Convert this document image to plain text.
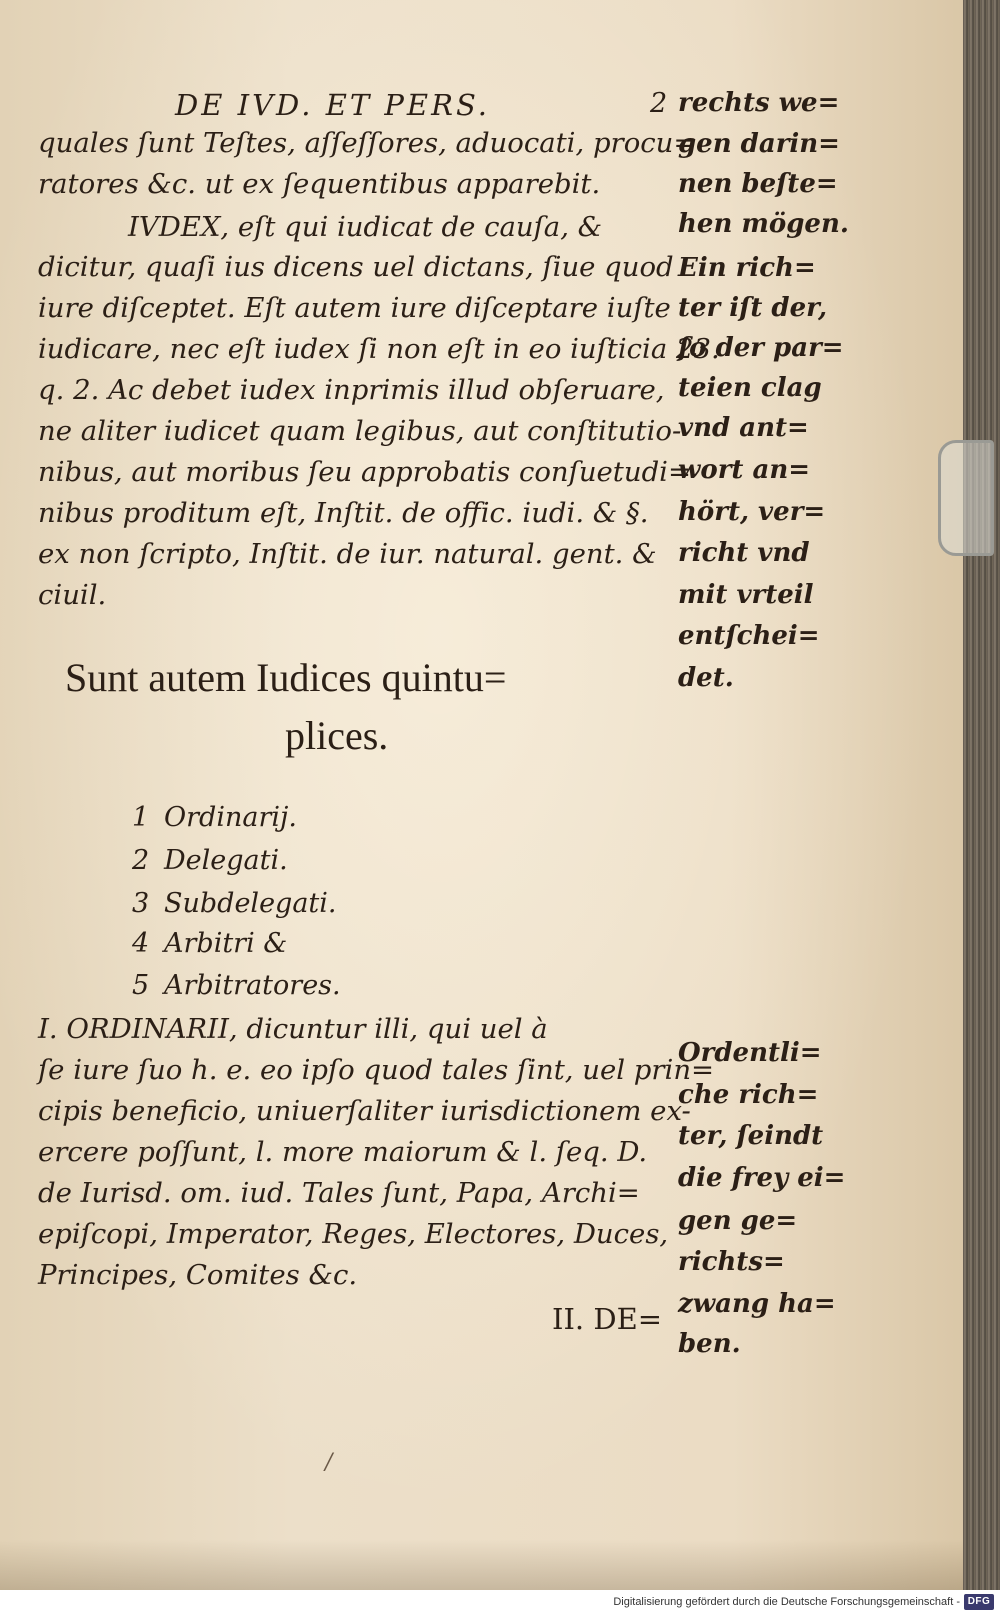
DE IVD. ET PERS.	2
quales ſunt Teſtes, aſſeſſores, aduocati, procu=
ratores &c. ut ex ſequentibus apparebit.
IVDEX, eſt qui iudicat de cauſa, &
dicitur, quaſi ius dicens uel dictans, ſiue quod
iure diſceptet. Eſt autem iure diſceptare iuſte
iudicare, nec eſt iudex ſi non eſt in eo iuſticia 23.
q. 2. Ac debet iudex inprimis illud obſeruare,
ne aliter iudicet quam legibus, aut conſtitutio-
nibus, aut moribus ſeu approbatis conſuetudi=
nibus proditum eſt, Inſtit. de offic. iudi. & §.
ex non ſcripto, Inſtit. de iur. natural. gent. &
ciuil.
rechts we=
gen darin=
nen beſte=
hen mögen.
Ein rich=
ter iſt der,
ſo der par=
teien clag
vnd ant=
wort an=
hört, ver=
richt vnd
mit vrteil
entſchei=
det.
Sunt autem Iudices quintu=
plices.
1 Ordinarij.
2 Delegati.
3 Subdelegati.
4 Arbitri &
5 Arbitratores.
I. ORDINARII, dicuntur illi, qui uel à
ſe iure ſuo h. e. eo ipſo quod tales ſint, uel prin=
cipis beneficio, uniuerſaliter iurisdictionem ex-
ercere poſſunt, l. more maiorum & l. ſeq. D.
de Iurisd. om. iud. Tales ſunt, Papa, Archi=
epiſcopi, Imperator, Reges, Electores, Duces,
Principes, Comites &c.
Ordentli=
che rich=
ter, ſeindt
die frey ei=
gen ge=
richts=
zwang ha=
ben.
II. DE=
/
Digitalisierung gefördert durch die Deutsche Forschungsgemeinschaft - DFG
